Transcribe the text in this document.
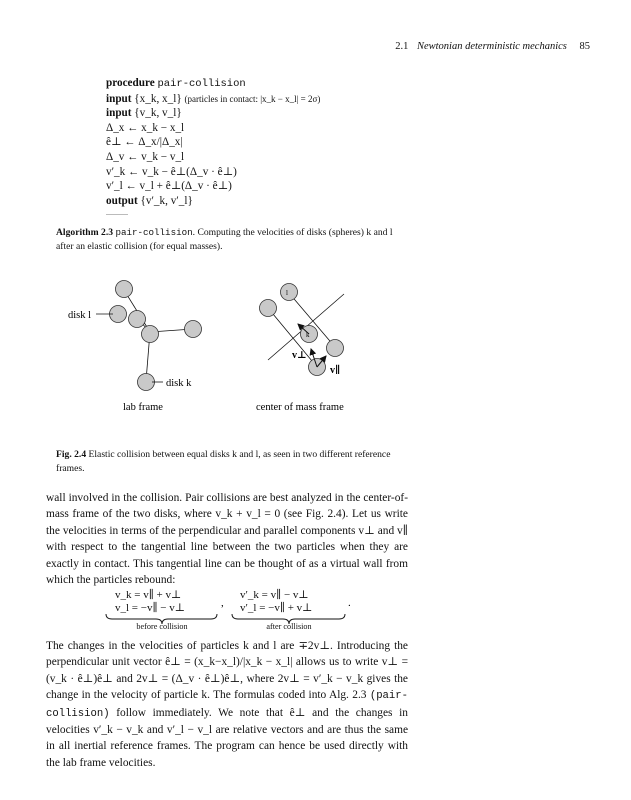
2.1 Newtonian deterministic mechanics 85
procedure pair-collision
input {x_k, x_l} (particles in contact: |x_k − x_l| = 2σ)
input {v_k, v_l}
Δ_x ← x_k − x_l
ê⊥ ← Δ_x/|Δ_x|
Δ_v ← v_k − v_l
v′_k ← v_k − ê⊥(Δ_v · ê⊥)
v′_l ← v_l + ê⊥(Δ_v · ê⊥)
output {v′_k, v′_l}
Algorithm 2.3 pair-collision. Computing the velocities of disks (spheres) k and l after an elastic collision (for equal masses).
disk l
disk k
lab frame
v⊥
v∥
l
k
center of mass frame
Fig. 2.4 Elastic collision between equal disks k and l, as seen in two different reference frames.
wall involved in the collision. Pair collisions are best analyzed in the center-of-mass frame of the two disks, where v_k + v_l = 0 (see Fig. 2.4). Let us write the velocities in terms of the perpendicular and parallel components v⊥ and v∥ with respect to the tangential line between the two particles when they are exactly in contact. This tangential line can be thought of as a virtual wall from which the particles rebound:
v_k = v∥ + v⊥
v_l = −v∥ − v⊥
v′_k = v∥ − v⊥
v′_l = −v∥ + v⊥
,	.
before collision	after collision
The changes in the velocities of particles k and l are ∓2v⊥. Introducing the perpendicular unit vector ê⊥ = (x_k−x_l)/|x_k − x_l| allows us to write v⊥ = (v_k · ê⊥)ê⊥ and 2v⊥ = (Δ_v · ê⊥)ê⊥, where 2v⊥ = v′_k − v_k gives the change in the velocity of particle k. The formulas coded into Alg. 2.3 (pair-collision) follow immediately. We note that ê⊥ and the changes in velocities v′_k − v_k and v′_l − v_l are relative vectors and are thus the same in all inertial reference frames. The program can hence be used directly with the lab frame velocities.
